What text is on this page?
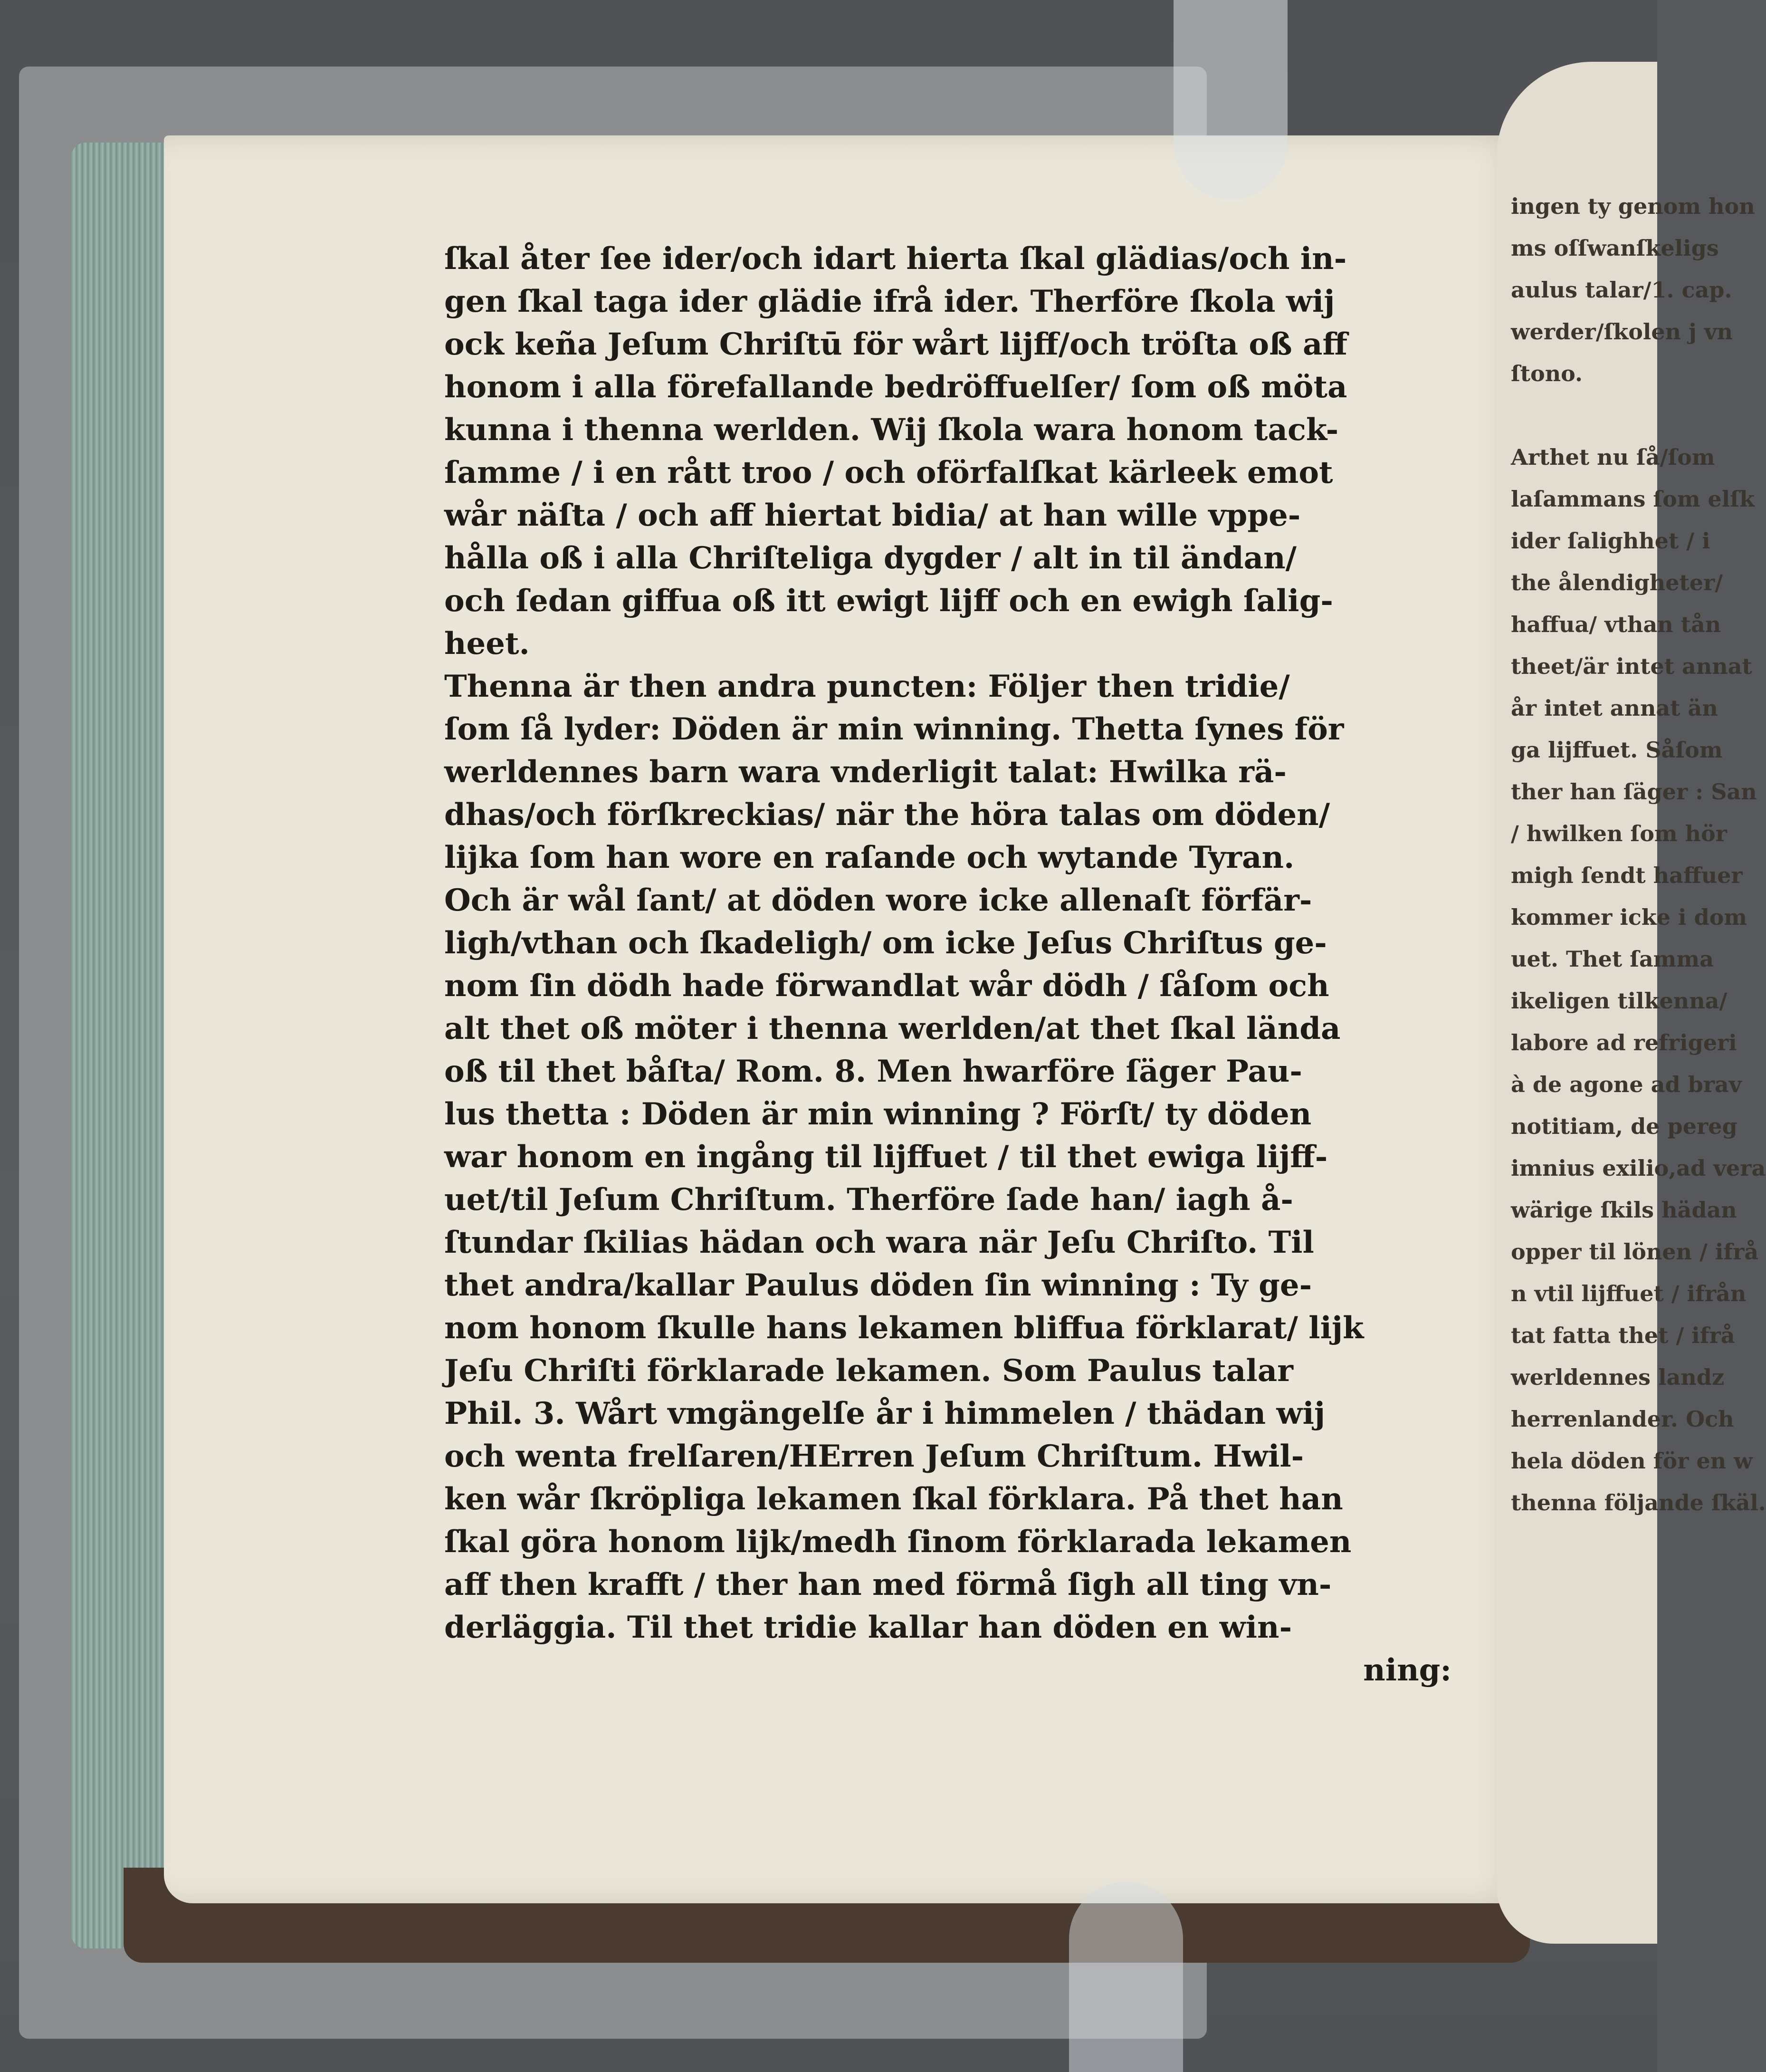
ingen ty genom hon
ms oſſwanſkeligs
aulus talar/1. cap.
werder/ſkolen j vn
ſtono.

Arthet nu ſå/ſom
laſammans ſom elſk
ider ſalighhet / i
the ålendigheter/
haffua/ vthan tån
theet/är intet annat
år intet annat än
ga lijffuet. Såſom
ther han ſäger : San
/ hwilken ſom hör
migh ſendt haffuer
kommer icke i dom
uet. Thet ſamma
ikeligen tilkenna/
labore ad refrigeri
à de agone ad brav
notitiam, de pereg
imnius exilio,ad vera
wärige ſkils hädan
opper til lönen / ifrå
n vtil lijffuet / ifrån
tat fatta thet / ifrå
werldennes landz
herrenlander. Och
hela döden för en w
thenna följande ſkäl.
ſkal åter ſee ider/och idart hierta ſkal glädias/och in-
gen ſkal taga ider glädie ifrå ider. Therföre ſkola wij
ock keña Jeſum Chriſtū för wårt lijff/och tröſta oß aff
honom i alla förefallande bedröffuelſer/ ſom oß möta
kunna i thenna werlden. Wij ſkola wara honom tack-
ſamme / i en rått troo / och oförfalſkat kärleek emot
wår näſta / och aff hiertat bidia/ at han wille vppe-
hålla oß i alla Chriſteliga dygder / alt in til ändan/
och ſedan giffua oß itt ewigt lijff och en ewigh ſalig-
heet.
Thenna är then andra puncten: Följer then tridie/
ſom ſå lyder: Döden är min winning. Thetta ſynes för
werldennes barn wara vnderligit talat: Hwilka rä-
dhas/och förſkreckias/ när the höra talas om döden/
lijka ſom han wore en raſande och wytande Tyran.
Och är wål ſant/ at döden wore icke allenaſt förfär-
ligh/vthan och ſkadeligh/ om icke Jeſus Chriſtus ge-
nom ſin dödh hade förwandlat wår dödh / ſåſom och
alt thet oß möter i thenna werlden/at thet ſkal lända
oß til thet båſta/ Rom. 8. Men hwarföre ſäger Pau-
lus thetta : Döden är min winning ? Förſt/ ty döden
war honom en ingång til lijffuet / til thet ewiga lijff-
uet/til Jeſum Chriſtum. Therföre ſade han/ iagh å-
ſtundar ſkilias hädan och wara när Jeſu Chriſto. Til
thet andra/kallar Paulus döden ſin winning : Ty ge-
nom honom ſkulle hans lekamen bliffua förklarat/ lijk
Jeſu Chriſti förklarade lekamen. Som Paulus talar
Phil. 3. Wårt vmgängelſe år i himmelen / thädan wij
och wenta frelſaren/HErren Jeſum Chriſtum. Hwil-
ken wår ſkröpliga lekamen ſkal förklara. På thet han
ſkal göra honom lijk/medh ſinom förklarada lekamen
aff then krafft / ther han med förmå ſigh all ting vn-
derläggia. Til thet tridie kallar han döden en win-
ning:
